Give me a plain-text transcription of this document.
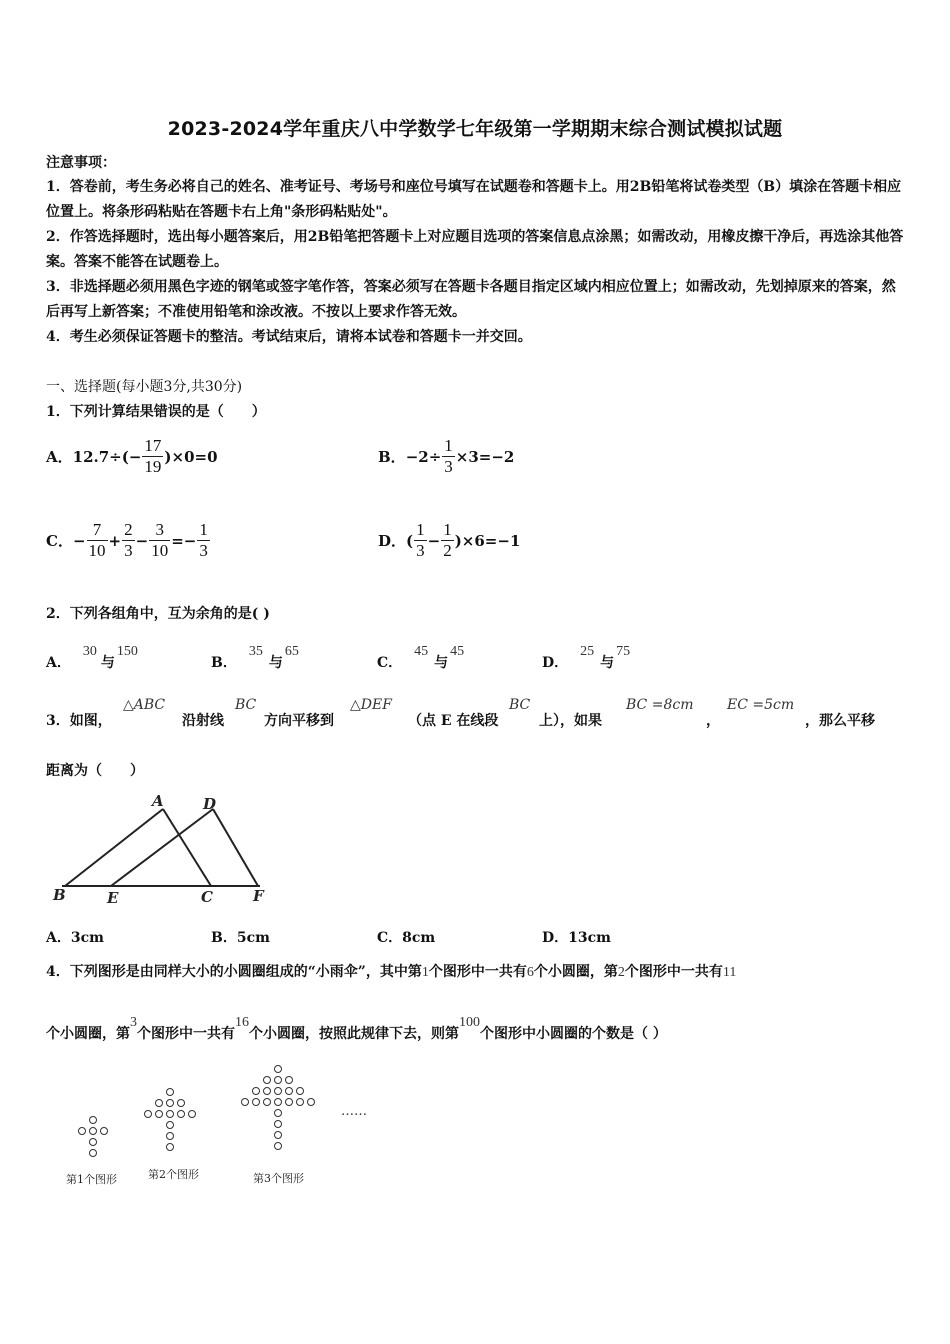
2023-2024学年重庆八中学数学七年级第一学期期末综合测试模拟试题
注意事项：
1．答卷前，考生务必将自己的姓名、准考证号、考场号和座位号填写在试题卷和答题卡上。用2B铅笔将试卷类型（B）填涂在答题卡相应位置上。将条形码粘贴在答题卡右上角"条形码粘贴处"。
2．作答选择题时，选出每小题答案后，用2B铅笔把答题卡上对应题目选项的答案信息点涂黑；如需改动，用橡皮擦干净后，再选涂其他答案。答案不能答在试题卷上。
3．非选择题必须用黑色字迹的钢笔或签字笔作答，答案必须写在答题卡各题目指定区域内相应位置上；如需改动，先划掉原来的答案，然后再写上新答案；不准使用铅笔和涂改液。不按以上要求作答无效。
4．考生必须保证答题卡的整洁。考试结束后，请将本试卷和答题卡一并交回。
一、选择题(每小题3分,共30分)
1．下列计算结果错误的是（　　）
A． $12.7\div(- \frac{17}{19} )\times 0=0$	B． $-2\div \frac{1}{3} \times 3=-2$
C． − $\frac{7}{10} + \frac{2}{3} - \frac{3}{10} =- \frac{1}{3}$	D． ( $\frac{1}{3} - \frac{1}{2} )\times 6=-1$
2．下列各组角中，互为余角的是( )
A．30与150
B．35与65
C．45与45
D．25与75
3．如图，
△ABC
沿射线
BC
方向平移到
△DEF
（点 E 在线段
BC
上），如果
BC =8cm
，
EC =5cm
，那么平移
距离为（　　）
A	D
B	E	C	F
A．3cm	B．5cm	C．8cm	D．13cm
4．下列图形是由同样大小的小圆圈组成的“小雨伞”，其中第1个图形中一共有6个小圆圈，第2个图形中一共有11
个小圆圈，第3个图形中一共有16个小圆圈，按照此规律下去，则第100个图形中小圆圈的个数是（ ）
第1个图形	第2个图形	第3个图形
……
